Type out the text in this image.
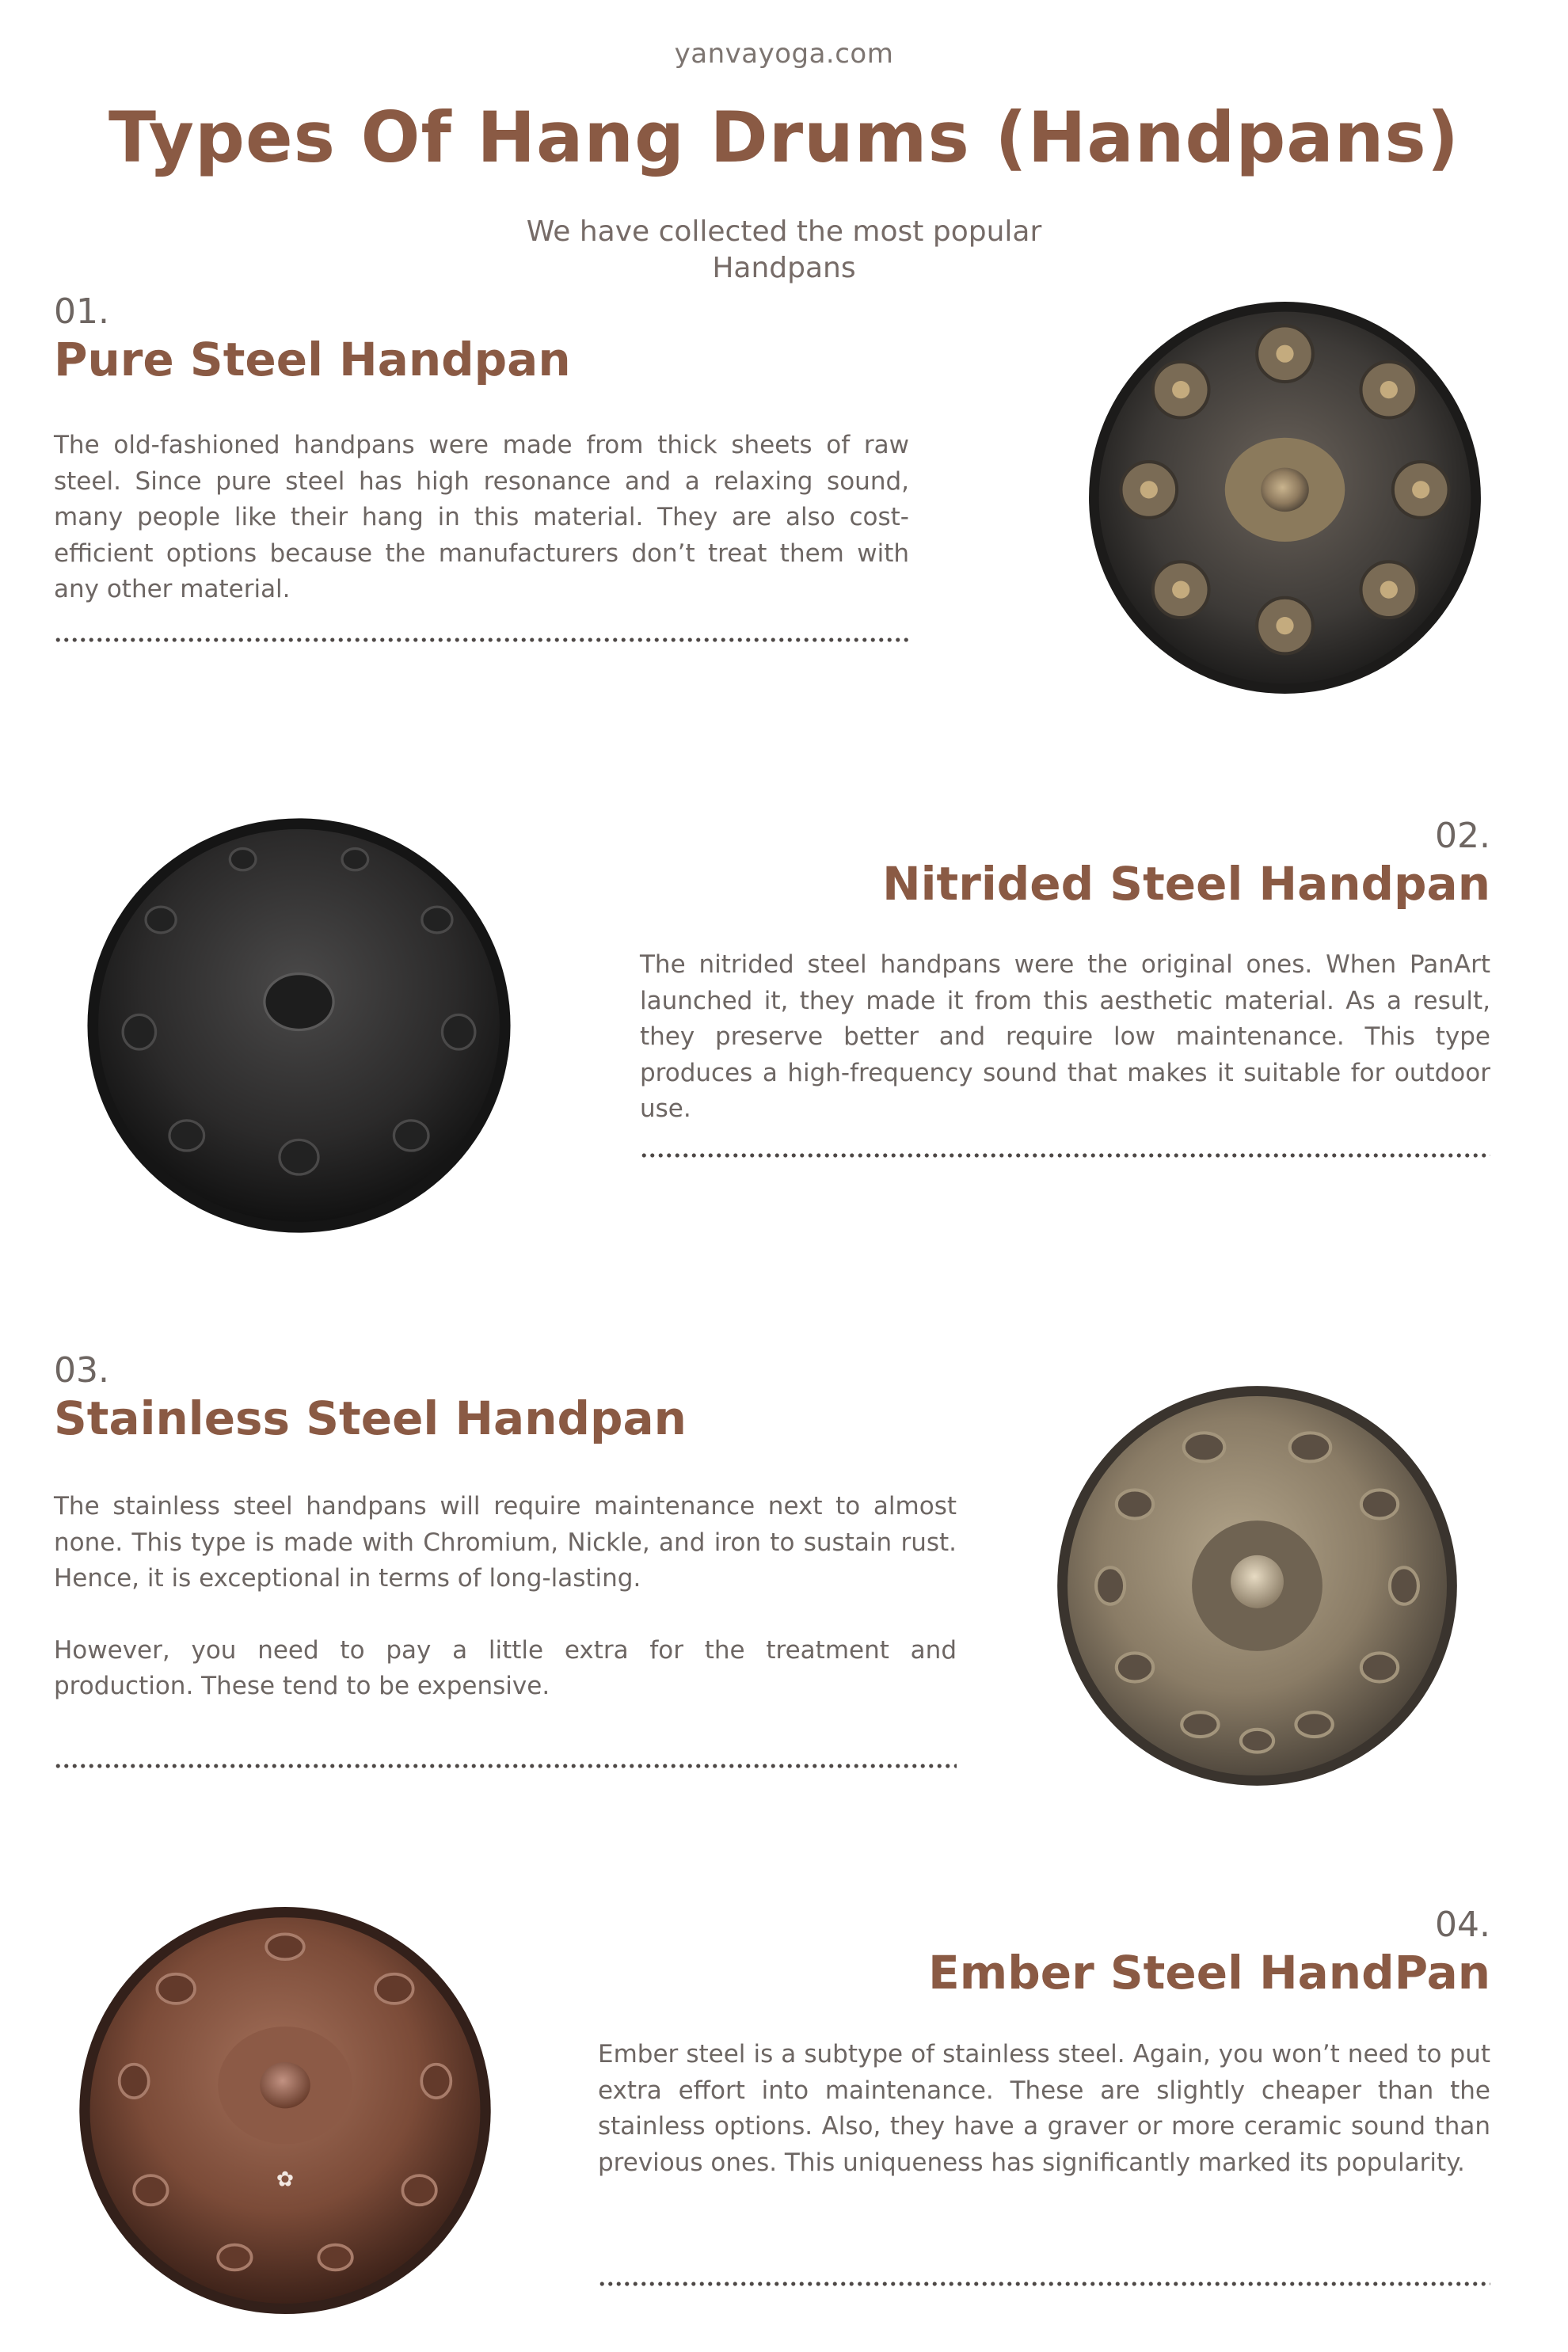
yanvayoga.com
Types Of Hang Drums (Handpans)
We have collected the most popular
Handpans
01.
Pure Steel Handpan

The old-fashioned handpans were made from thick sheets of raw steel. Since pure steel has high resonance and a relaxing sound, many people like their hang in this material. They are also cost-efficient options because the manufacturers don’t treat them with any other material.

02.
Nitrided Steel Handpan

The nitrided steel handpans were the original ones. When PanArt launched it, they made it from this aesthetic material. As a result, they preserve better and require low maintenance. This type produces a high-frequency sound that makes it suitable for outdoor use.

03.
Stainless Steel Handpan

The stainless steel handpans will require maintenance next to almost none. This type is made with Chromium, Nickle, and iron to sustain rust. Hence, it is exceptional in terms of long-lasting.

However, you need to pay a little extra for the treatment and production. These tend to be expensive.

04.
Ember Steel HandPan

Ember steel is a subtype of stainless steel. Again, you won’t need to put extra effort into maintenance. These are slightly cheaper than the stainless options. Also, they have a graver or more ceramic sound than previous ones. This uniqueness has significantly marked its popularity.

✿
